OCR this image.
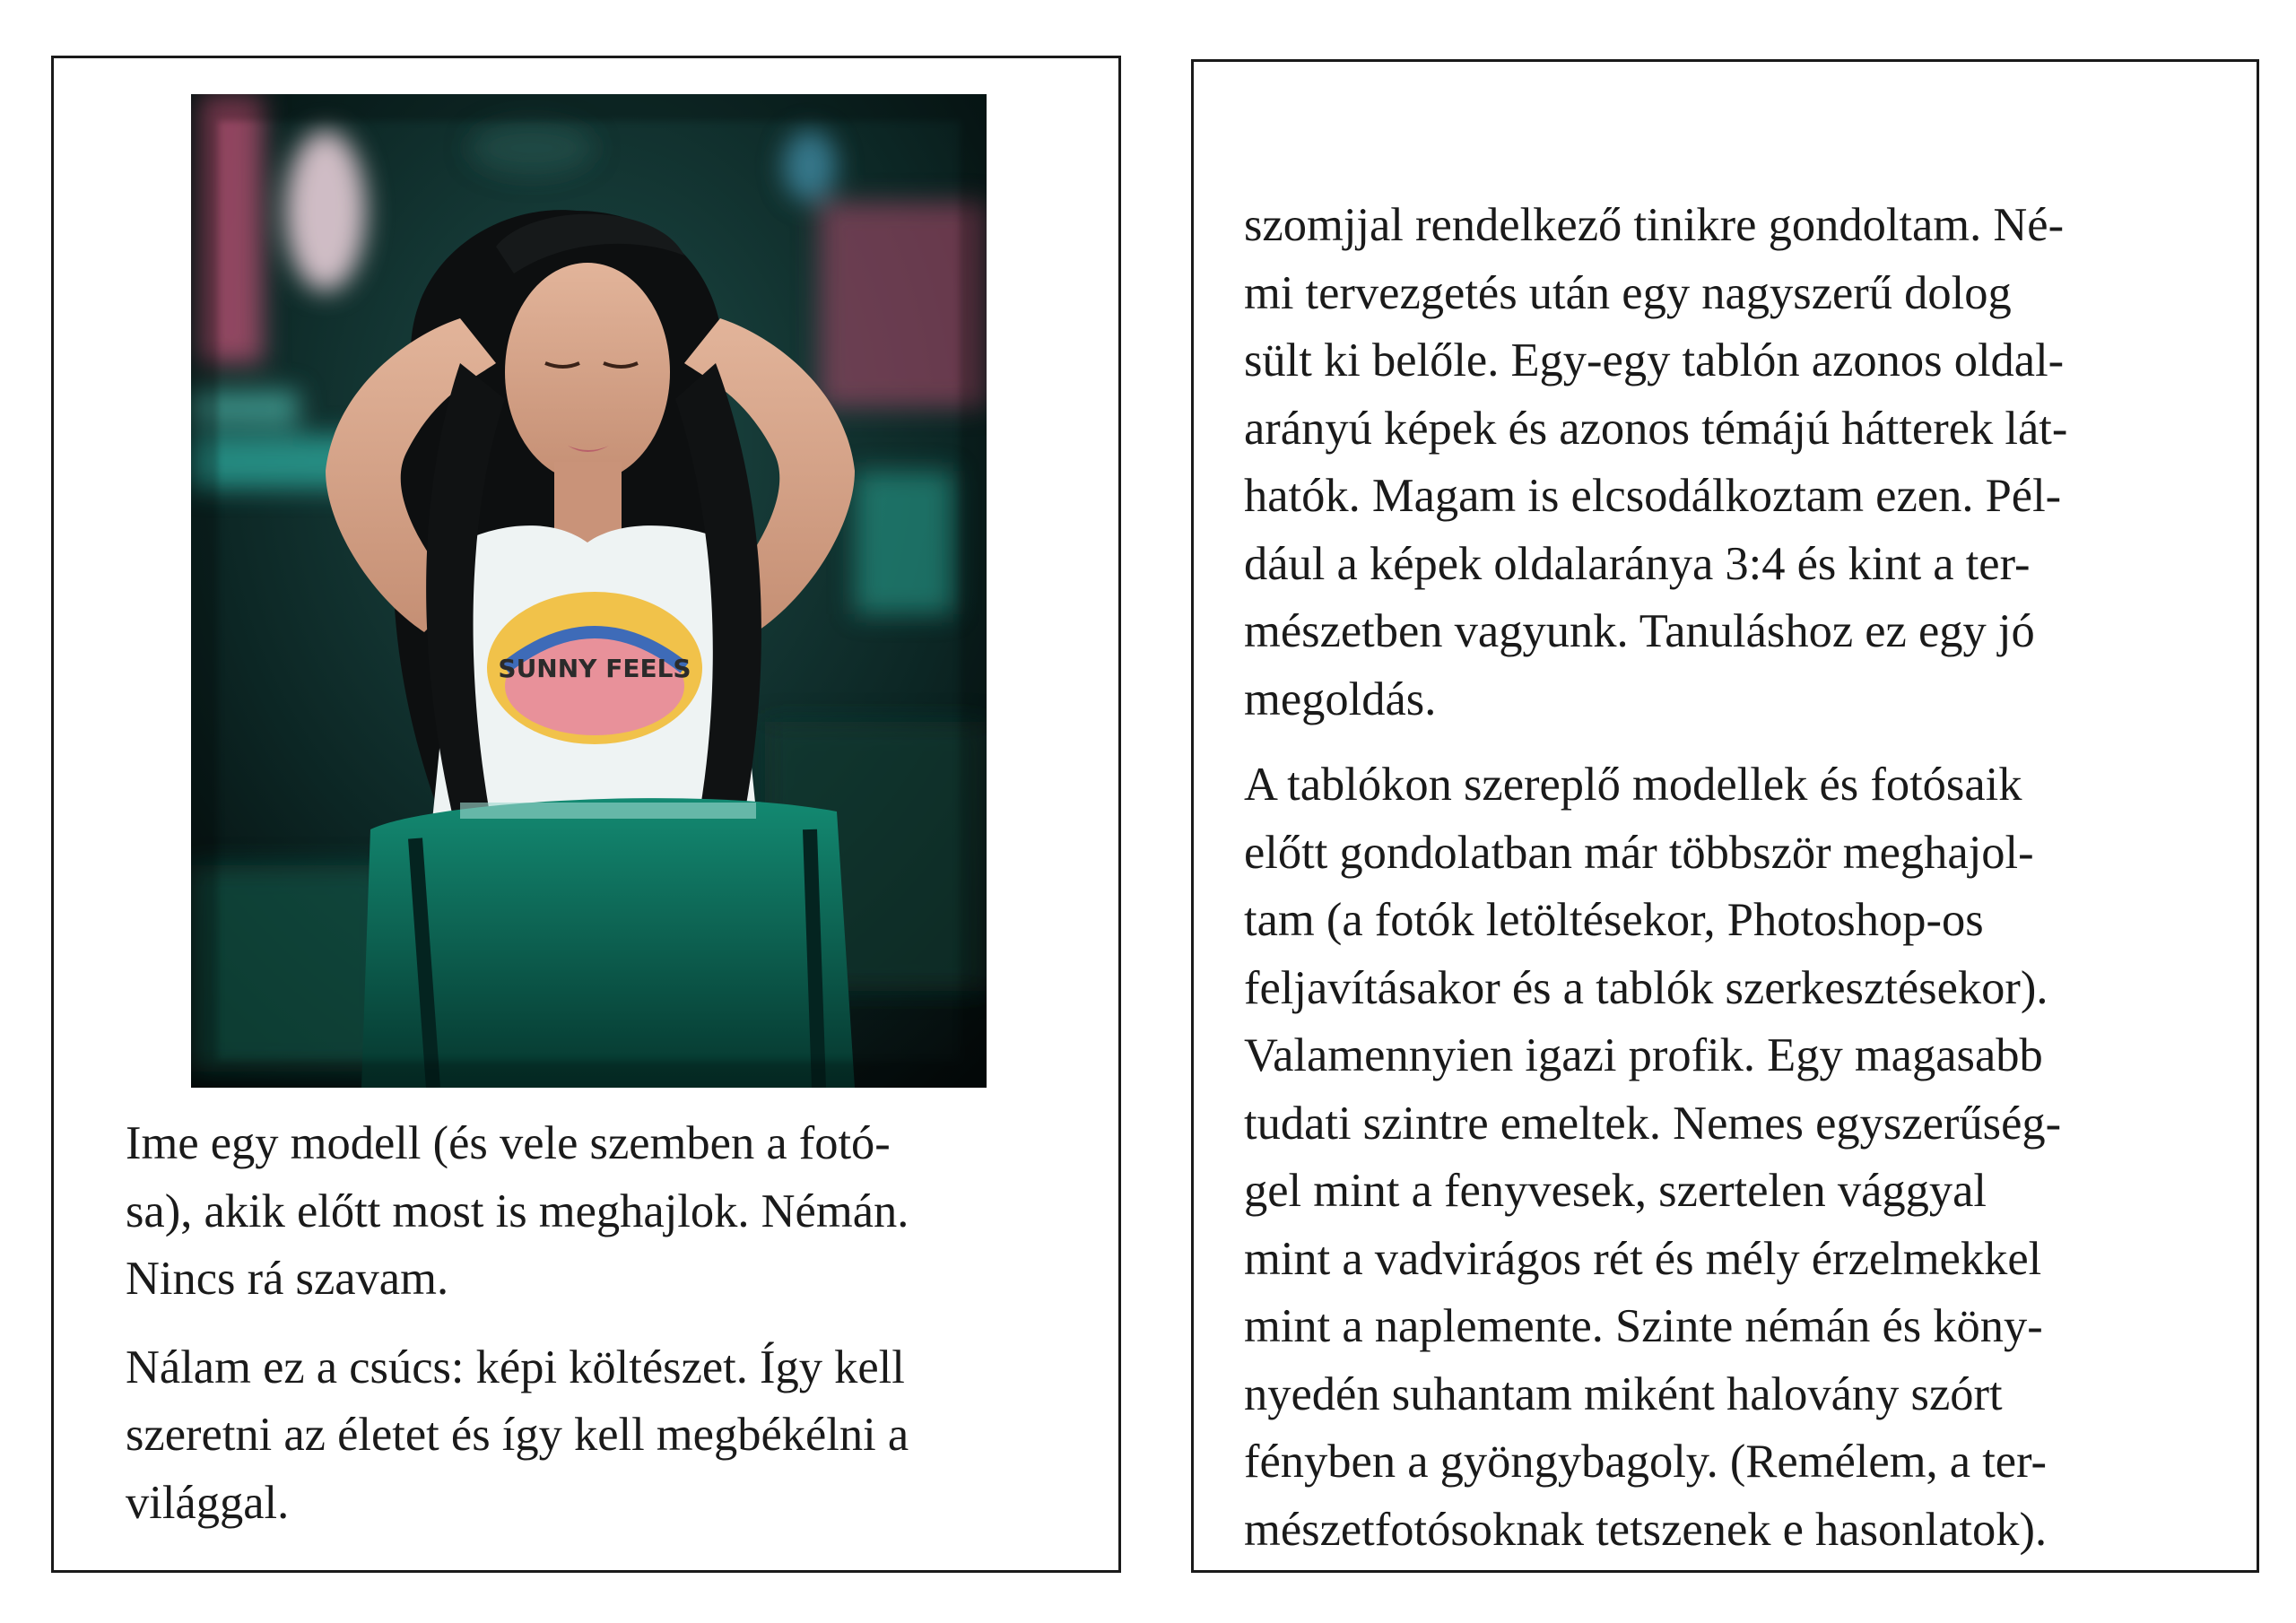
SUNNY FEELS

Ime egy modell (és vele szemben a fotó-
sa), akik előtt most is meghajlok. Némán.
Nincs rá szavam.

Nálam ez a csúcs: képi költészet. Így kell
szeretni az életet és így kell megbékélni a
világgal.

szomjjal rendelkező tinikre gondoltam. Né-
mi tervezgetés után egy nagyszerű dolog
sült ki belőle. Egy-egy tablón azonos oldal-
arányú képek és azonos témájú hátterek lát-
hatók. Magam is elcsodálkoztam ezen. Pél-
dául a képek oldalaránya 3:4 és kint a ter-
mészetben vagyunk. Tanuláshoz ez egy jó
megoldás.

A tablókon szereplő modellek és fotósaik
előtt gondolatban már többször meghajol-
tam (a fotók letöltésekor, Photoshop-os
feljavításakor és a tablók szerkesztésekor).
Valamennyien igazi profik. Egy magasabb
tudati szintre emeltek. Nemes egyszerűség-
gel mint a fenyvesek, szertelen vággyal
mint a vadvirágos rét és mély érzelmekkel
mint a naplemente. Szinte némán és köny-
nyedén suhantam miként halovány szórt
fényben a gyöngybagoly. (Remélem, a ter-
mészetfotósoknak tetszenek e hasonlatok).
